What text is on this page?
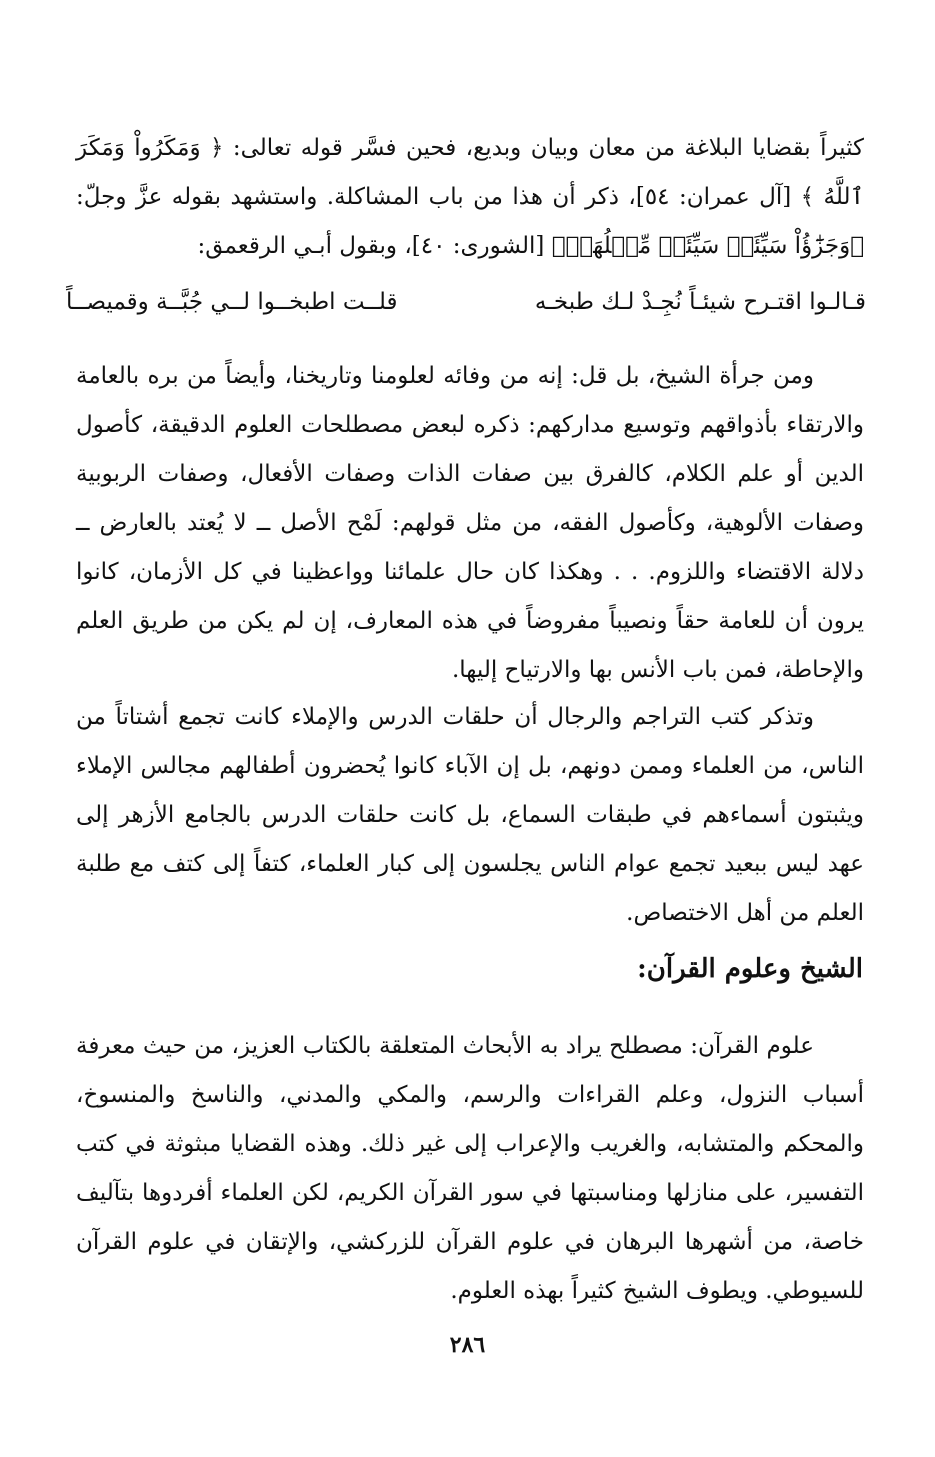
كثيراً بقضايا البلاغة من معان وبيان وبديع، فحين فسَّر قوله تعالى: ﴿ وَمَكَرُواْ وَمَكَرَ ٱللَّهُ ﴾ [آل عمران: ٥٤]، ذكر أن هذا من باب المشاكلة. واستشهد بقوله عزَّ وجلّ: ﴿وَجَزَٰٓؤُاْ سَيِّئَةٖ سَيِّئَةٞ مِّثۡلُهَاۖ﴾ [الشورى: ٤٠]، وبقول أبـي الرقعمق:

قـالـوا اقتـرح شيئـاً نُجِـدْ لـك طبخـه
قلــت اطبخــوا لــي جُبَّــة وقميصــاً

ومن جرأة الشيخ، بل قل: إنه من وفائه لعلومنا وتاريخنا، وأيضاً من بره بالعامة والارتقاء بأذواقهم وتوسيع مداركهم: ذكره لبعض مصطلحات العلوم الدقيقة، كأصول الدين أو علم الكلام، كالفرق بين صفات الذات وصفات الأفعال، وصفات الربوبية وصفات الألوهية، وكأصول الفقه، من مثل قولهم: لَمْح الأصل ــ لا يُعتد بالعارض ــ دلالة الاقتضاء واللزوم. . . وهكذا كان حال علمائنا وواعظينا في كل الأزمان، كانوا يرون أن للعامة حقاً ونصيباً مفروضاً في هذه المعارف، إن لم يكن من طريق العلم والإحاطة، فمن باب الأنس بها والارتياح إليها.

وتذكر كتب التراجم والرجال أن حلقات الدرس والإملاء كانت تجمع أشتاتاً من الناس، من العلماء وممن دونهم، بل إن الآباء كانوا يُحضرون أطفالهم مجالس الإملاء ويثبتون أسماءهم في طبقات السماع، بل كانت حلقات الدرس بالجامع الأزهر إلى عهد ليس ببعيد تجمع عوام الناس يجلسون إلى كبار العلماء، كتفاً إلى كتف مع طلبة العلم من أهل الاختصاص.

الشيخ وعلوم القرآن:

علوم القرآن: مصطلح يراد به الأبحاث المتعلقة بالكتاب العزيز، من حيث معرفة أسباب النزول، وعلم القراءات والرسم، والمكي والمدني، والناسخ والمنسوخ، والمحكم والمتشابه، والغريب والإعراب إلى غير ذلك. وهذه القضايا مبثوثة في كتب التفسير، على منازلها ومناسبتها في سور القرآن الكريم، لكن العلماء أفردوها بتآليف خاصة، من أشهرها البرهان في علوم القرآن للزركشي، والإتقان في علوم القرآن للسيوطي. ويطوف الشيخ كثيراً بهذه العلوم.

٢٨٦
